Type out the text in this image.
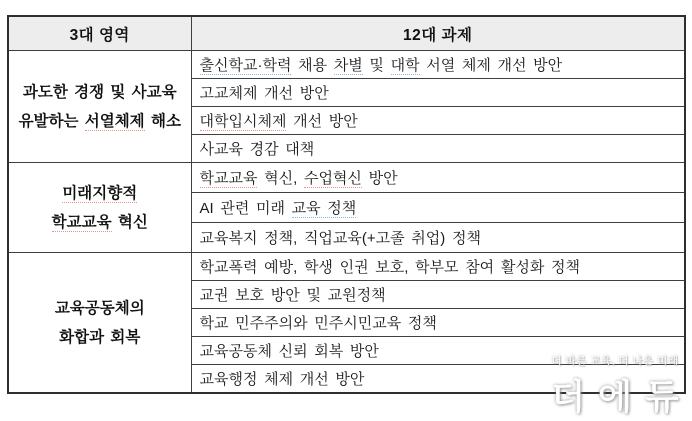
3대 영역	12대 과제

과도한 경쟁 및 사교육
유발하는 서열체제 해소	출신학교·학력 채용 차별 및 대학 서열 체제 개선 방안
	고교체제 개선 방안
	대학입시체제 개선 방안
	사교육 경감 대책

미래지향적
학교교육 혁신	학교교육 혁신, 수업혁신 방안
	AI 관련 미래 교육 정책
	교육복지 정책, 직업교육(+고졸 취업) 정책

교육공동체의
화합과 회복	학교폭력 예방, 학생 인권 보호, 학부모 참여 활성화 정책
	교권 보호 방안 및 교원정책
	학교 민주주의와 민주시민교육 정책
	교육공동체 신뢰 회복 방안
	교육행정 체제 개선 방안
더 바른 교육, 더 나은 미래
더에듀
